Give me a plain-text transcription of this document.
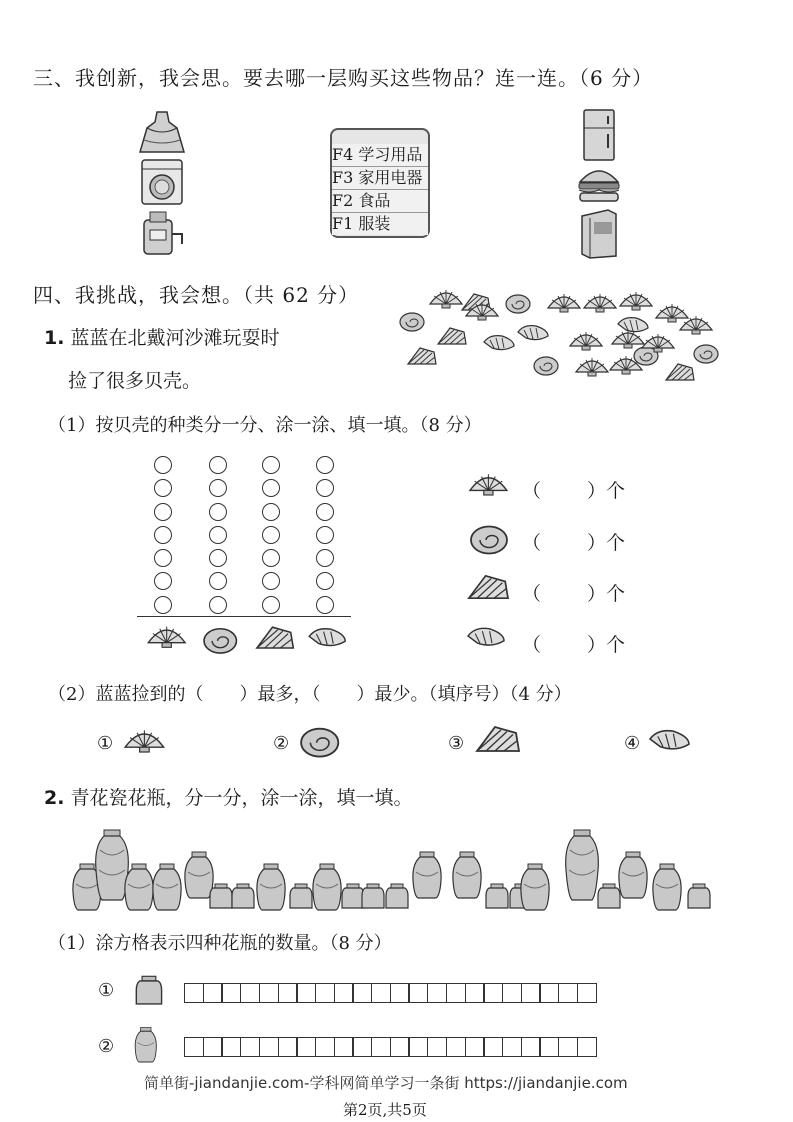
三、我创新，我会思。要去哪一层购买这些物品？连一连。（6 分）
F4 学习用品
F3 家用电器
F2 食品
F1 服装
四、我挑战，我会想。（共 62 分）
1. 蓝蓝在北戴河沙滩玩耍时
捡了很多贝壳。
（1）按贝壳的种类分一分、涂一涂、填一填。（8 分）
（ ）个
（ ）个
（ ）个
（ ）个
（2）蓝蓝捡到的（　　）最多，（　　）最少。（填序号）（4 分）
①	②	③	④
2. 青花瓷花瓶，分一分，涂一涂，填一填。
（1）涂方格表示四种花瓶的数量。（8 分）
①
②
简单街-jiandanjie.com-学科网简单学习一条街 https://jiandanjie.com
第2页,共5页
